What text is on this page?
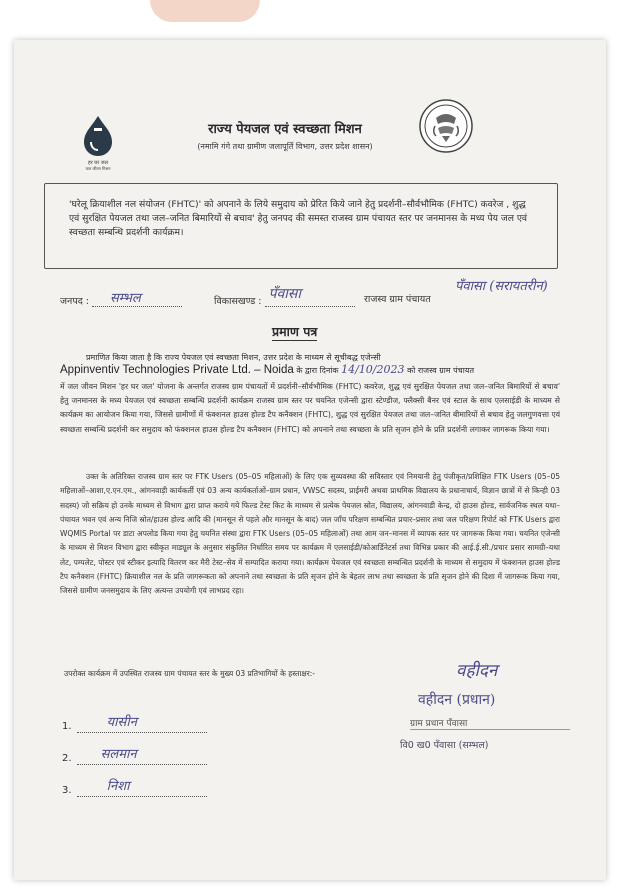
हर घर जल
जल जीवन मिशन
राज्य पेयजल एवं स्वच्छता मिशन
(नमामि गंगे तथा ग्रामीण जलापूर्ति विभाग, उत्तर प्रदेश शासन)
'घरेलू क्रियाशील नल संयोजन (FHTC)' को अपनाने के लिये समुदाय को प्रेरित किये जाने हेतु प्रदर्शनी–सौर्वभौमिक (FHTC) कवरेज , शुद्ध एवं सुरक्षित पेयजल तथा जल–जनित बिमारियों से बचाव' हेतु जनपद की समस्त राजस्व ग्राम पंचायत स्तर पर जनमानस के मध्य पेय जल एवं स्वच्छता सम्बन्धि प्रदर्शनी कार्यक्रम।
जनपद : सम्भल	विकासखण्ड : पँवासा	राजस्व ग्राम पंचायत
पँवासा (सरायतरीन)
प्रमाण पत्र
प्रमाणित किया जाता है कि राज्य पेयजल एवं स्वच्छता मिशन, उत्तर प्रदेश के माध्यम से सूचीबद्ध एजेन्सी
Appinventiv Technologies Private Ltd. – Noida के द्वारा दिनांक 14/10/2023 को राजस्व ग्राम पंचायत
में जल जीवन मिशन 'हर घर जल' योजना के अन्तर्गत राजस्व ग्राम पंचायतों में प्रदर्शनी–सौर्वभौमिक (FHTC) कवरेज, शुद्ध एवं सुरक्षित पेयजल तथा जल–जनित बिमारियों से बचाव' हेतु जनमानस के मध्य पेयजल एवं स्वच्छता सम्बन्धि प्रदर्शनी कार्यक्रम राजस्व ग्राम स्तर पर चयनित एजेन्सी द्वारा स्टेण्डीज, फ्लैक्सी बैनर एवं स्टाल के साथ एलसाईडी के माध्यम से कार्यक्रम का आयोजन किया गया, जिससे ग्रामीणों में फंक्शनल हाउस होल्ड टैप कनैक्शन (FHTC), शुद्ध एवं सुरक्षित पेयजल तथा जल–जनित बीमारियों से बचाव हेतु जलगुणवत्ता एवं स्वच्छता सम्बन्धि प्रदर्शनी कर समुदाय को फंक्शनल हाउस होल्ड टैप कनैक्शन (FHTC) को अपनाने तथा स्वच्छता के प्रति सृजन होने के प्रति प्रदर्शनी लगाकर जागरूक किया गया।
उक्त के अतिरिक्त राजस्व ग्राम स्तर पर FTK Users (05–05 महिलाओं) के लिए एक सुव्यवस्था की सविस्तार एवं निमयानी हेतु पंजीकृत/प्रशिक्षित FTK Users (05–05 महिलाओं–आशा,ए.एन.एम., आंगनवाड़ी कार्यकर्ती एवं 03 अन्य कार्यकर्ताओं–ग्राम प्रधान, VWSC सदस्य, प्राईमरी अथवा प्राथमिक विद्यालय के प्रधानाचार्य, विज्ञान छात्रों में से किन्ही 03 सदस्य) जो सक्रिय हो उनके माध्यम से विभाग द्वारा प्राप्त कराये गये फिल्ड टेस्ट किट के माध्यम से प्रत्येक पेयजल स्रोत, विद्यालय, आंगनवाडी केन्द्र, दो हाउस होल्ड, सार्वजनिक स्थल यथा–पंचायत भवन एवं अन्य निजि स्रोत/हाउस होल्ड आदि की (मानसून से पहले और मानसून के बाद) जल जाँच परिक्षण सम्बन्धित प्रचार–प्रसार तथा जल परिक्षण रिपोर्ट को FTK Users द्वारा WQMIS Portal पर डाटा अपलोड किया गया हेतु चयनित संस्था द्वारा FTK Users (05–05 महिलाओं) तथा आम जन–मानस में व्यापक स्तर पर जागरूक किया गया। चयनित एजेन्सी के माध्यम से मिशन विभाग द्वारा स्वीकृत माड्यूल के अनुसार संकुलित निर्धारित समय पर कार्यक्रम में एलसाईडी/कोआर्डिनेटर्स तथा विभिन्न प्रकार की आई.ई.सी./प्रचार प्रसार सामग्री–यथा लेट, पम्पलेट, पोस्टर एवं स्टीकर इत्यादि वितरण कर मैरी टेस्ट–सेव में सम्पादित कराया गया। कार्यक्रम पेयजल एवं स्वच्छता सम्बन्धित प्रदर्शनी के माध्यम से समुदाय में फंक्शनल हाउस होल्ड टैप कनैक्शन (FHTC) क्रियाशील नल के प्रति जागरूकता को अपनाने तथा स्वच्छता के प्रति सृजन होने के बेहतर लाभ तथा स्वच्छता के प्रति सृजन होने की दिशा में जागरूक किया गया, जिससे ग्रामीण जनसमुदाय के लिए अत्यन्त उपयोगी एवं लाभप्रद रहा।
उपरोक्त कार्यक्रम में उपस्थित राजस्व ग्राम पंचायत स्तर के मुख्य 03 प्रतिभागियों के हस्ताक्षर:-
1.	यासीन
2. सलमान
3.	निशा
वहीदन
वहीदन (प्रधान)
ग्राम प्रधान पँवासा
वि0 ख0 पँवासा (सम्भल)
